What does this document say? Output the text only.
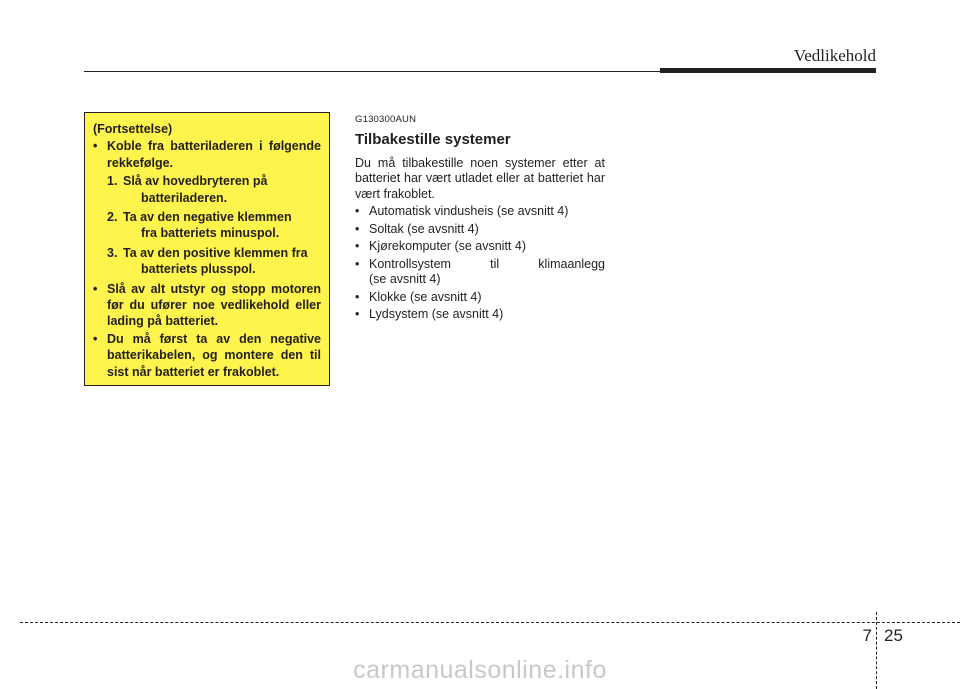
Vedlikehold
(Fortsettelse)
• Koble fra batteriladeren i følgende rekkefølge.
1. Slå av hovedbryteren på
batteriladeren.
2. Ta av den negative klemmen
fra batteriets minuspol.
3. Ta av den positive klemmen fra
batteriets plusspol.
• Slå av alt utstyr og stopp motoren før du ufører noe vedlikehold eller lading på batteriet.
• Du må først ta av den negative batterikabelen, og montere den til sist når batteriet er frakoblet.
G130300AUN
Tilbakestille systemer

Du må tilbakestille noen systemer etter at batteriet har vært utladet eller at batteriet har vært frakoblet.

• Automatisk vindusheis (se avsnitt 4)
• Soltak (se avsnitt 4)
• Kjørekomputer (se avsnitt 4)
• Kontrollsystem til klimaanlegg
(se avsnitt 4)
• Klokke (se avsnitt 4)
• Lydsystem (se avsnitt 4)
7 25
carmanualsonline.info
